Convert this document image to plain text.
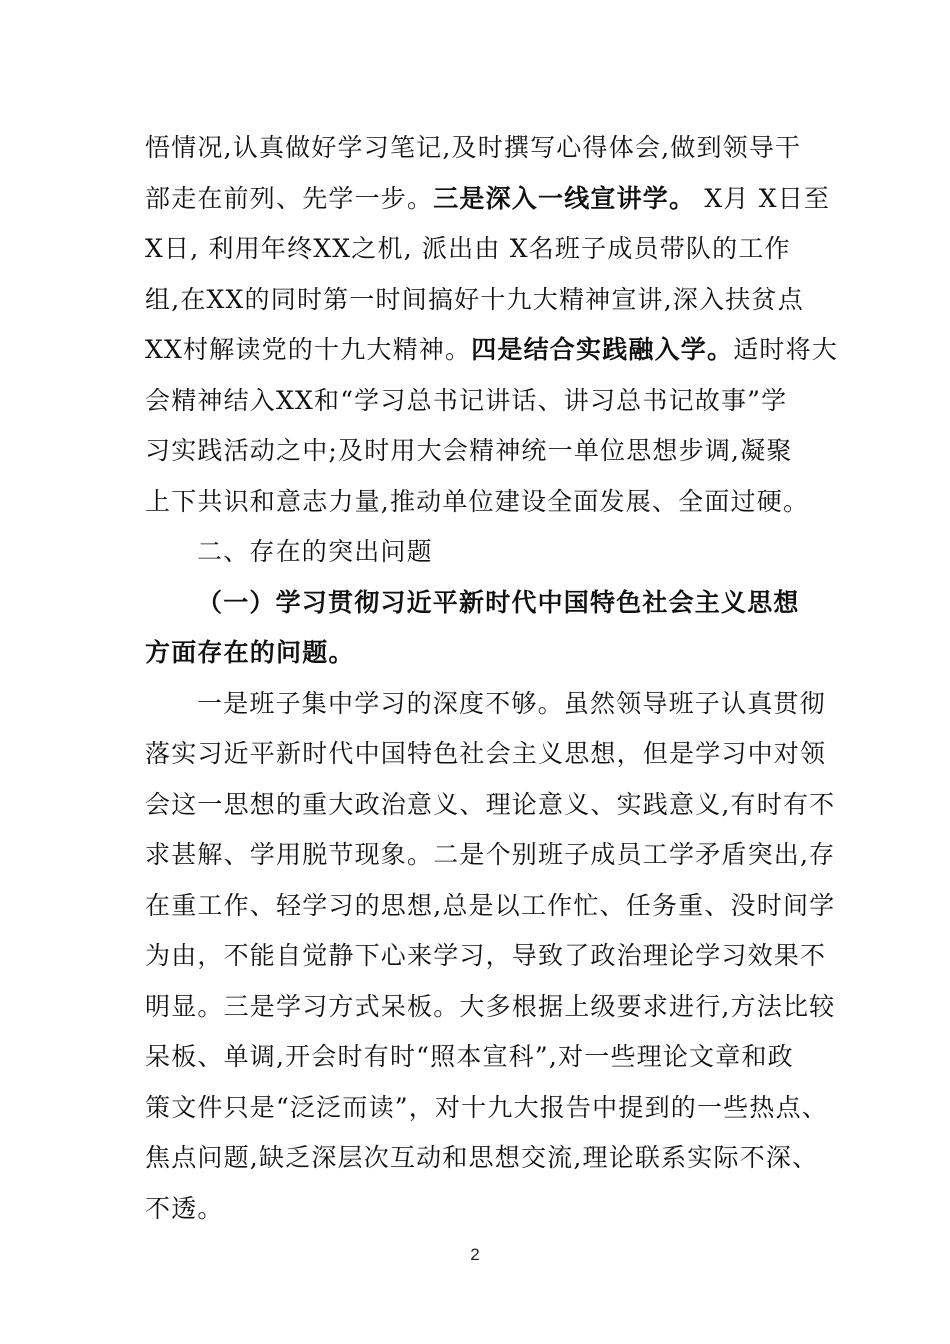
悟情况,认真做好学习笔记,及时撰写心得体会,做到领导干
部走在前列、先学一步。三是深入一线宣讲学。 X月 X日至
X日, 利用年终XX之机, 派出由 X名班子成员带队的工作
组,在XX的同时第一时间搞好十九大精神宣讲,深入扶贫点
XX村解读党的十九大精神。四是结合实践融入学。适时将大
会精神结入XX和“学习总书记讲话、讲习总书记故事”学
习实践活动之中;及时用大会精神统一单位思想步调,凝聚
上下共识和意志力量,推动单位建设全面发展、全面过硬。
二、存在的突出问题
（一）学习贯彻习近平新时代中国特色社会主义思想
方面存在的问题。
一是班子集中学习的深度不够。虽然领导班子认真贯彻
落实习近平新时代中国特色社会主义思想，但是学习中对领
会这一思想的重大政治意义、理论意义、实践意义,有时有不
求甚解、学用脱节现象。二是个别班子成员工学矛盾突出,存
在重工作、轻学习的思想,总是以工作忙、任务重、没时间学
为由，不能自觉静下心来学习，导致了政治理论学习效果不
明显。三是学习方式呆板。大多根据上级要求进行,方法比较
呆板、单调,开会时有时“照本宣科”,对一些理论文章和政
策文件只是“泛泛而读”，对十九大报告中提到的一些热点、
焦点问题,缺乏深层次互动和思想交流,理论联系实际不深、
不透。
2
